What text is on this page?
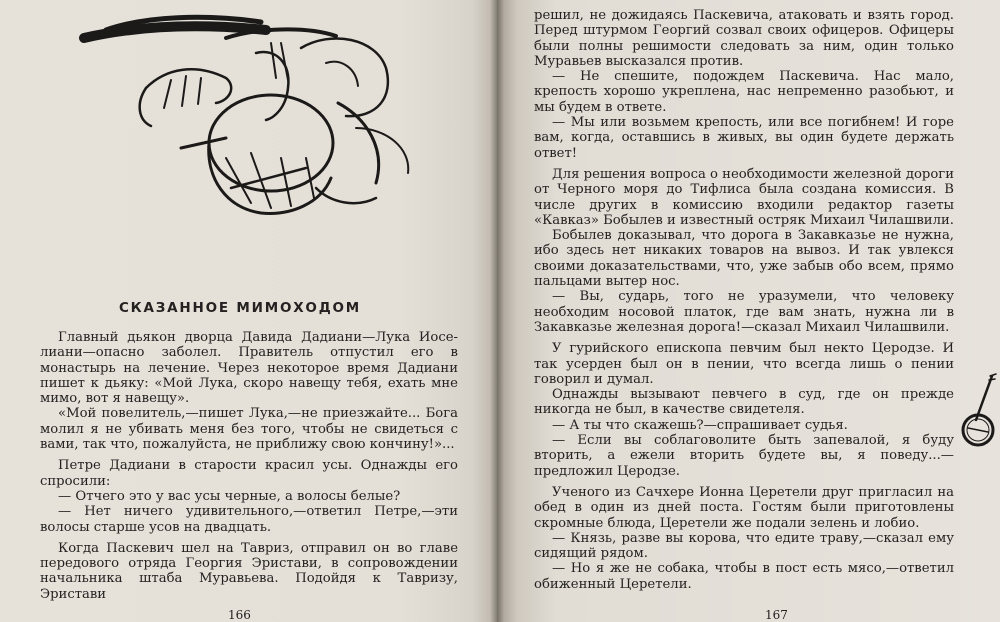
СКАЗАННОЕ МИМОХОДОМ

Главный дьякон дворца Давида Дадиани—Лука Иосе-лиани—опасно заболел. Правитель отпустил его в монастырь на лечение. Через некоторое время Дадиани пишет к дьяку: «Мой Лука, скоро навещу тебя, ехать мне мимо, вот я навещу».

«Мой повелитель,—пишет Лука,—не приезжайте... Бога молил я не убивать меня без того, чтобы не свидеться с вами, так что, пожалуйста, не приближу свою кончину!»...

Петре Дадиани в старости красил усы. Однажды его спросили:

— Отчего это у вас усы черные, а волосы белые?

— Нет ничего удивительного,—ответил Петре,—эти волосы старше усов на двадцать.

Когда Паскевич шел на Тавриз, отправил он во главе передового отряда Георгия Эристави, в сопровождении начальника штаба Муравьева. Подойдя к Тавризу, Эристави

166

решил, не дожидаясь Паскевича, атаковать и взять город. Перед штурмом Георгий созвал своих офицеров. Офицеры были полны решимости следовать за ним, один только Муравьев высказался против.

— Не спешите, подождем Паскевича. Нас мало, крепость хорошо укреплена, нас непременно разобьют, и мы будем в ответе.

— Мы или возьмем крепость, или все погибнем! И горе вам, когда, оставшись в живых, вы один будете держать ответ!

Для решения вопроса о необходимости железной дороги от Черного моря до Тифлиса была создана комиссия. В числе других в комиссию входили редактор газеты «Кавказ» Бобылев и известный остряк Михаил Чилашвили.

Бобылев доказывал, что дорога в Закавказье не нужна, ибо здесь нет никаких товаров на вывоз. И так увлекся своими доказательствами, что, уже забыв обо всем, прямо пальцами вытер нос.

— Вы, сударь, того не уразумели, что человеку необходим носовой платок, где вам знать, нужна ли в Закавказье железная дорога!—сказал Михаил Чилашвили.

У гурийского епископа певчим был некто Церодзе. И так усерден был он в пении, что всегда лишь о пении говорил и думал.

Однажды вызывают певчего в суд, где он прежде никогда не был, в качестве свидетеля.

— А ты что скажешь?—спрашивает судья.

— Если вы соблаговолите быть запевалой, я буду вторить, а ежели вторить будете вы, я поведу...—предложил Церодзе.

Ученого из Сачхере Ионна Церетели друг пригласил на обед в один из дней поста. Гостям были приготовлены скромные блюда, Церетели же подали зелень и лобио.

— Князь, разве вы корова, что едите траву,—сказал ему сидящий рядом.

— Но я же не собака, чтобы в пост есть мясо,—ответил обиженный Церетели.

167
